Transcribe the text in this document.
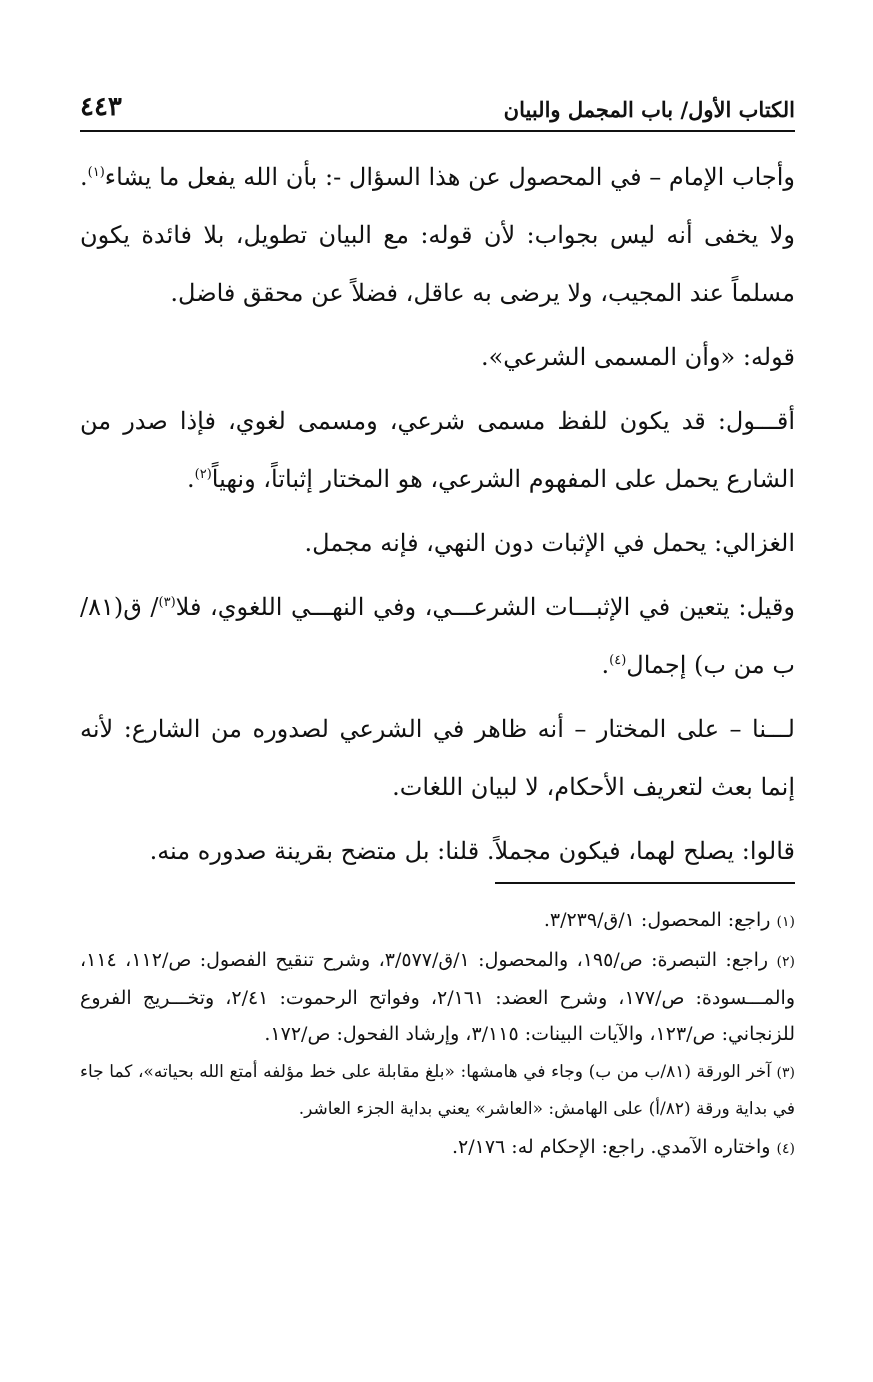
الكتاب الأول/ باب المجمل والبيان
٤٤٣

وأجاب الإمام – في المحصول عن هذا السؤال -: بأن الله يفعل ما يشاء$^{(١)}$. ولا يخفى أنه ليس بجواب: لأن قوله: مع البيان تطويل، بلا فائدة يكون مسلماً عند المجيب، ولا يرضى به عاقل، فضلاً عن محقق فاضل.

قوله: «وأن المسمى الشرعي».

أقـــول: قد يكون للفظ مسمى شرعي، ومسمى لغوي، فإذا صدر من الشارع يحمل على المفهوم الشرعي، هو المختار إثباتاً، ونهياً$^{(٢)}$.

الغزالي: يحمل في الإثبات دون النهي، فإنه مجمل.

وقيل: يتعين في الإثبـــات الشرعـــي، وفي النهـــي اللغوي، فلا$^{(٣)}$/ ق(٨١/ب من ب) إجمال$^{(٤)}$.

لـــنا – على المختار – أنه ظاهر في الشرعي لصدوره من الشارع: لأنه إنما بعث لتعريف الأحكام، لا لبيان اللغات.

قالوا: يصلح لهما، فيكون مجملاً. قلنا: بل متضح بقرينة صدوره منه.

(١) راجع: المحصول: ١/ق/٣/٢٣٩.

(٢) راجع: التبصرة: ص/١٩٥، والمحصول: ١/ق/٣/٥٧٧، وشرح تنقيح الفصول: ص/١١٢، ١١٤، والمـــسودة: ص/١٧٧، وشرح العضد: ٢/١٦١، وفواتح الرحموت: ٢/٤١، وتخـــريج الفروع للزنجاني: ص/١٢٣، والآيات البينات: ٣/١١٥، وإرشاد الفحول: ص/١٧٢.

(٣) آخر الورقة (٨١/ب من ب) وجاء في هامشها: «بلغ مقابلة على خط مؤلفه أمتع الله بحياته»، كما جاء في بداية ورقة (٨٢/أ) على الهامش: «العاشر» يعني بداية الجزء العاشر.

(٤) واختاره الآمدي. راجع: الإحكام له: ٢/١٧٦.
